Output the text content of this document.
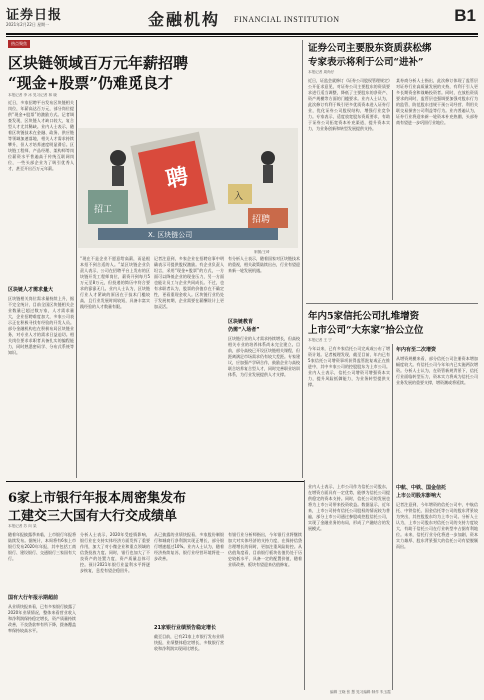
证券日报
2021年2月22日 星期一	金融机构 FINANCIAL INSTITUTION	B1
热点聚焦
区块链领域百万元年薪招聘
“现金+股票”仍难觅良才
本报记者 李 冰 见习记者 林 晓
近日，多家招聘平台发布区块链相关岗位，年薪高达百万元，部分岗位提供“现金+股票”的激励方式。记者调查发现，区块链人才缺口较大，复合型人才尤其稀缺。业内人士表示，随着区块链技术在金融、政务、供应链等领域加速落地，相关人才需求持续攀升，但人才培养速度明显滞后。区块链工程师、产品经理、架构师等岗位薪资水平普遍高于传统互联网岗位，一些头部企业为了吸引优秀人才，甚至开出百万元年薪。
区块链人才需求量大
区块链相关岗位需求量持续上升，据不完全统计，目前全国区块链相关企业数量已超过数万家，人才需求量大，企业招聘难度加大，多家公司表示正在积极寻找有经验的开发人员。部分金融机构也在积极布局区块链业务，对专业人才的需求日益迫切。相关岗位要求求职者具备扎实的编程能力，同时熟悉密码学、分布式系统等知识。
聘
招工
入
招聘
X. 区块链公司
制图/王琦
“现在不是企业不愿意给高薪，而是根本招不到合适的人。”某区块链企业负责人表示，公司在招聘平台上发布的区块链开发工程师岗位，薪资开到每月5万元至8万元，但投递的简历中符合要求的寥寥无几。业内人士认为，区块链行业人才紧缺的原因在于技术门槛较高，且行业发展时间较短，具备丰富实践经验的人才数量有限。
记者注意到，多家企业在招聘启事中明确表示可提供股权激励。有企业负责人坦言，采用“现金+股票”的方式，一方面可以降低企业的现金压力，另一方面也能让员工与企业共同成长。不过，也有求职者认为，股票的价值存在不确定性，更看重现金收入。区块链行业仍处于发展初期，企业需要在薪酬设计上更加灵活。
有分析人士表示，随着国家对区块链技术的重视，相关政策陆续出台，行业有望迎来新一轮发展机遇。
区块链教育
仍需“入场者”
区块链行业的人才需求持续增长，但高校相关专业的培养体系尚未完全建立。目前，部分高校已开设区块链相关课程，但距离满足市场需求仍有较大差距。专家建议，应加强产学研合作，鼓励企业与高校联合培养复合型人才，同时完善职业培训体系，为行业发展提供人才支撑。
证券公司主要股东资质获松绑
专家表示将利于公司“进补”
本报记者 周尚仔
近日，证监会就修订《证券公司股权管理规定》公开征求意见，对证券公司主要股东的资质要求进行适当调整，降低了主要股东的净资产、资产规模等方面的门槛要求。业内人士认为，此次修订有利于吸引更多优质资本进入证券行业，优化证券公司股权结构，增强行业竞争力。专家表示，适度放宽股东资质要求，有助于证券公司拓宽资本补充渠道，提升资本实力，为业务创新和转型发展提供支持。
某券商分析人士指出，此次修订体现了监管层对证券行业高质量发展的支持，有利于引入更多长期资金和战略投资者。同时，在放松资质要求的同时，监管层也强调要加强对股东行为的监管，防范股东违规干预公司经营、利用关联交易损害公司利益等行为。业内普遍认为，证券行业将迎来新一轮资本补充热潮，头部券商有望进一步巩固行业地位。
年内5家信托公司扎堆增资
上市公司“大东家”拾公立位
本报记者 王 宁
今年以来，已有多家信托公司完成或公布了增资计划。记者梳理发现，截至目前，年内已有5家信托公司增资事项获得监管批复或正在推进中，其中多家公司的控股股东为上市公司。业内人士表示，信托公司增资可增强资本实力，提升风险抵御能力，为业务转型提供支撑。
年内有至二次增资
从增资规模来看，部分信托公司注册资本增加幅度较大。有信托公司今年年内已实施两次增资。分析人士认为，在资管新规背景下，信托行业面临转型压力，资本实力将成为信托公司业务发展的重要支撑，增资潮或将延续。
6家上市银行年报本周密集发布
工建交三大国有大行交成绩单
本报记者 苏 向 杲
随着年报披露季来临，上市银行年报将陆续发布。据统计，本周将有6家上市银行发布2020年年报，其中包括工商银行、建设银行、交通银行三家国有大行。
国有大行年报示期超前
从业绩快报来看，已有多家银行披露了2020年业绩情况，整体来看营业收入和净利润保持稳定增长，资产质量持续改善，不良贷款率有所下降，拨备覆盖率保持较高水平。
分析人士表示，2020年受疫情影响，银行业在支持实体经济方面发挥了重要作用，加大了对小微企业和重点领域的信贷投放力度。同时，银行也加大了不良资产的处置力度，资产质量总体可控。预计2021年银行业盈利水平将逐步恢复，息差有望企稳回升。
从已披露的业绩快报看，多家股份制银行和城商行净利润实现正增长，部分银行增速超过10%。业内人士认为，随着经济持续复苏，银行业经营环境将进一步改善。
21家银行业绩预告稳定增长
截至目前，已有21家上市银行发布业绩快报，业绩整体稳定增长，多数银行营收和净利润实现同比增长。
有银行业分析师指出，今年银行业将继续加大对实体经济的支持力度，在保持信贷合理增长的同时，更加注重风险防控。从估值角度看，目前银行板块估值仍处于历史较低水平，具备一定的配置价值，随着业绩改善，板块有望迎来估值修复。
业内人士表示，上市公司作为信托公司股东，在增资方面具有一定优势，能够为信托公司提供稳定的资本支持。同时，信托公司的发展也将为上市公司带来投资收益。数据显示，近年来，上市公司持有信托公司股权的情况较为普遍，部分上市公司通过参股或控股信托公司，实现了金融业务的布局，形成了产融结合的发展模式。
中航、中铁、国金信托
上市公司股东影响大
记者注意到，今年增资的信托公司中，中航信托、中铁信托、国金信托等公司的股东背景较为突出，其控股股东均为上市公司。分析人士认为，上市公司股东对信托公司的支持力度较大，有助于信托公司在行业转型中占据有利地位。未来，信托行业分化将进一步加剧，资本实力雄厚、股东背景强大的信托公司有望脱颖而出。
编辑 王晓 张 慧 见习编辑 制作 朱玉霞
